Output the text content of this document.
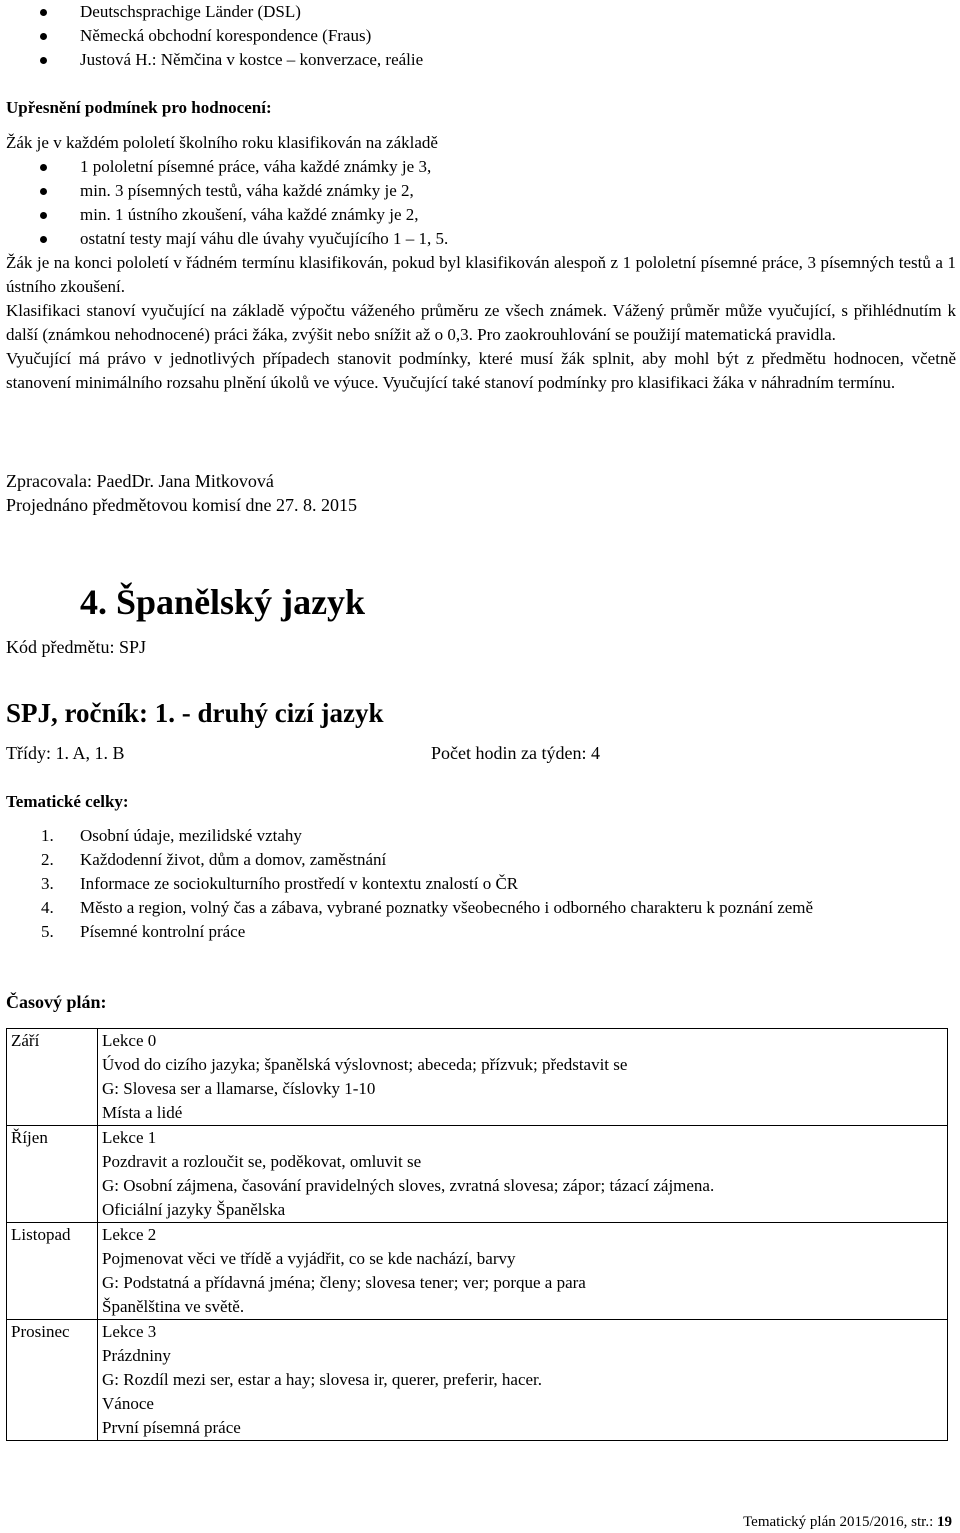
Deutschsprachige Länder (DSL)
Německá obchodní korespondence (Fraus)
Justová H.: Němčina v kostce – konverzace, reálie

Upřesnění podmínek pro hodnocení:

Žák je v každém pololetí školního roku klasifikován na základě

1 pololetní písemné práce, váha každé známky je 3,
min. 3 písemných testů, váha každé známky je 2,
min. 1 ústního zkoušení, váha každé známky je 2,
ostatní testy mají váhu dle úvahy vyučujícího 1 – 1, 5.

Žák je na konci pololetí v řádném termínu klasifikován, pokud byl klasifikován alespoň z 1 pololetní písemné práce, 3 písemných testů a 1 ústního zkoušení.

Klasifikaci stanoví vyučující na základě výpočtu váženého průměru ze všech známek. Vážený průměr může vyučující, s přihlédnutím k další (známkou nehodnocené) práci žáka, zvýšit nebo snížit až o 0,3. Pro zaokrouhlování se použijí matematická pravidla.

Vyučující má právo v jednotlivých případech stanovit podmínky, které musí žák splnit, aby mohl být z předmětu hodnocen, včetně stanovení minimálního rozsahu plnění úkolů ve výuce. Vyučující také stanoví podmínky pro klasifikaci žáka v náhradním termínu.

Zpracovala: PaedDr. Jana Mitkovová

Projednáno předmětovou komisí dne 27. 8. 2015

4. Španělský jazyk
Kód předmětu: SPJ
SPJ, ročník: 1. - druhý cizí jazyk
Třídy: 1. A, 1. B	Počet hodin za týden: 4
Tematické celky:
1. Osobní údaje, mezilidské vztahy
2. Každodenní život, dům a domov, zaměstnání
3. Informace ze sociokulturního prostředí v kontextu znalostí o ČR
4. Město a region, volný čas a zábava, vybrané poznatky všeobecného i odborného charakteru k poznání země
5. Písemné kontrolní práce
Časový plán:
Září	Lekce 0
Úvod do cizího jazyka; španělská výslovnost; abeceda; přízvuk; představit se
G: Slovesa ser a llamarse, číslovky 1-10
Místa a lidé

Říjen	Lekce 1
Pozdravit a rozloučit se, poděkovat, omluvit se
G: Osobní zájmena, časování pravidelných sloves, zvratná slovesa; zápor; tázací zájmena.
Oficiální jazyky Španělska

Listopad	Lekce 2
Pojmenovat věci ve třídě a vyjádřit, co se kde nachází, barvy
G: Podstatná a přídavná jména; členy; slovesa tener; ver; porque a para
Španělština ve světě.

Prosinec	Lekce 3
Prázdniny
G: Rozdíl mezi ser, estar a hay; slovesa ir, querer, preferir, hacer.
Vánoce
První písemná práce
Tematický plán 2015/2016, str.: 19
